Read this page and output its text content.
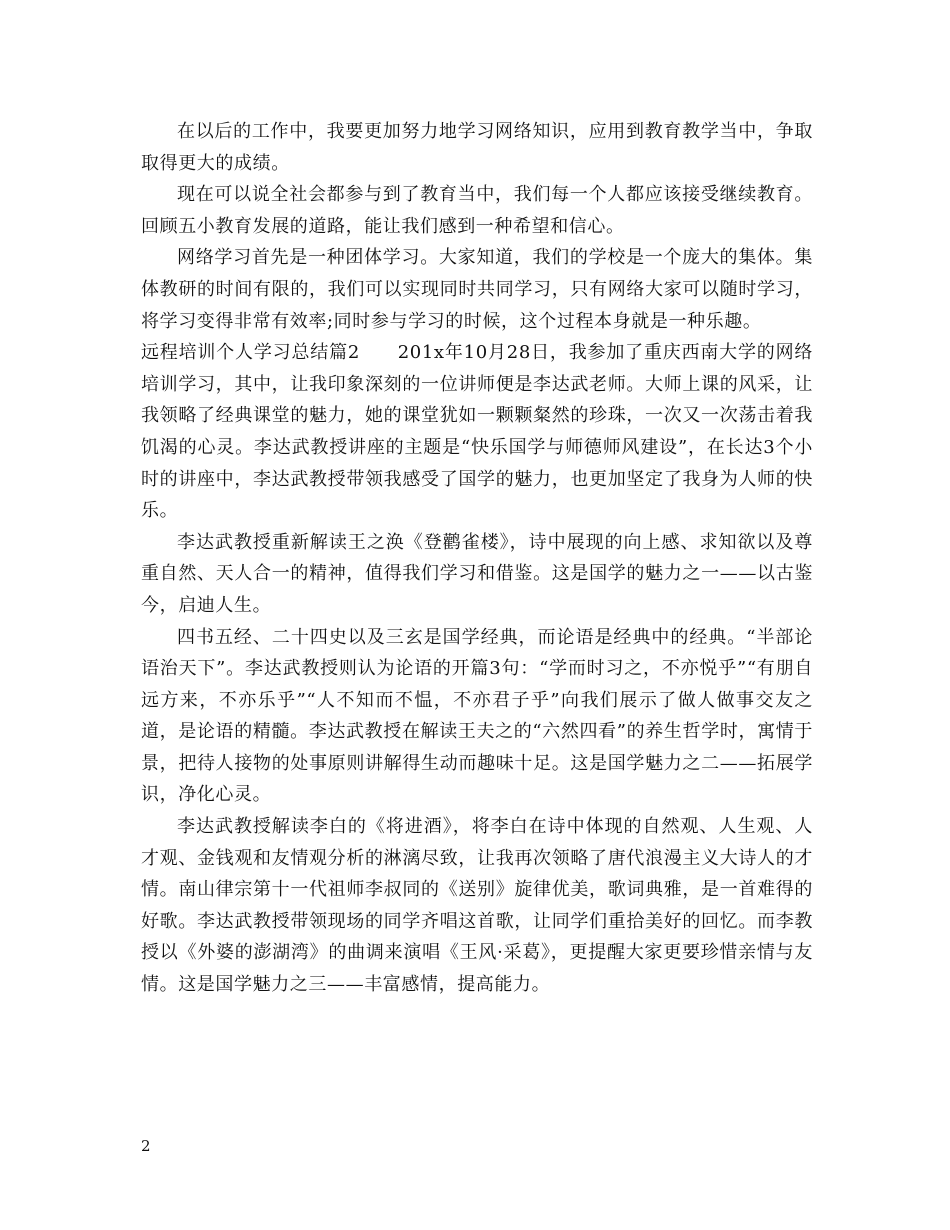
在以后的工作中，我要更加努力地学习网络知识，应用到教育教学当中，争取取得更大的成绩。

现在可以说全社会都参与到了教育当中，我们每一个人都应该接受继续教育。回顾五小教育发展的道路，能让我们感到一种希望和信心。

网络学习首先是一种团体学习。大家知道，我们的学校是一个庞大的集体。集体教研的时间有限的，我们可以实现同时共同学习，只有网络大家可以随时学习，将学习变得非常有效率;同时参与学习的时候，这个过程本身就是一种乐趣。

远程培训个人学习总结篇2　　201x年10月28日，我参加了重庆西南大学的网络培训学习，其中，让我印象深刻的一位讲师便是李达武老师。大师上课的风采，让我领略了经典课堂的魅力，她的课堂犹如一颗颗粲然的珍珠，一次又一次荡击着我饥渴的心灵。李达武教授讲座的主题是“快乐国学与师德师风建设”，在长达3个小时的讲座中，李达武教授带领我感受了国学的魅力，也更加坚定了我身为人师的快乐。

李达武教授重新解读王之涣《登鹳雀楼》，诗中展现的向上感、求知欲以及尊重自然、天人合一的精神，值得我们学习和借鉴。这是国学的魅力之一——以古鉴今，启迪人生。

四书五经、二十四史以及三玄是国学经典，而论语是经典中的经典。“半部论语治天下”。李达武教授则认为论语的开篇3句：“学而时习之，不亦悦乎”“有朋自远方来，不亦乐乎”“人不知而不愠，不亦君子乎”向我们展示了做人做事交友之道，是论语的精髓。李达武教授在解读王夫之的“六然四看”的养生哲学时，寓情于景，把待人接物的处事原则讲解得生动而趣味十足。这是国学魅力之二——拓展学识，净化心灵。

李达武教授解读李白的《将进酒》，将李白在诗中体现的自然观、人生观、人才观、金钱观和友情观分析的淋漓尽致，让我再次领略了唐代浪漫主义大诗人的才情。南山律宗第十一代祖师李叔同的《送别》旋律优美，歌词典雅，是一首难得的好歌。李达武教授带领现场的同学齐唱这首歌，让同学们重拾美好的回忆。而李教授以《外婆的澎湖湾》的曲调来演唱《王风·采葛》，更提醒大家更要珍惜亲情与友情。这是国学魅力之三——丰富感情，提高能力。

2
